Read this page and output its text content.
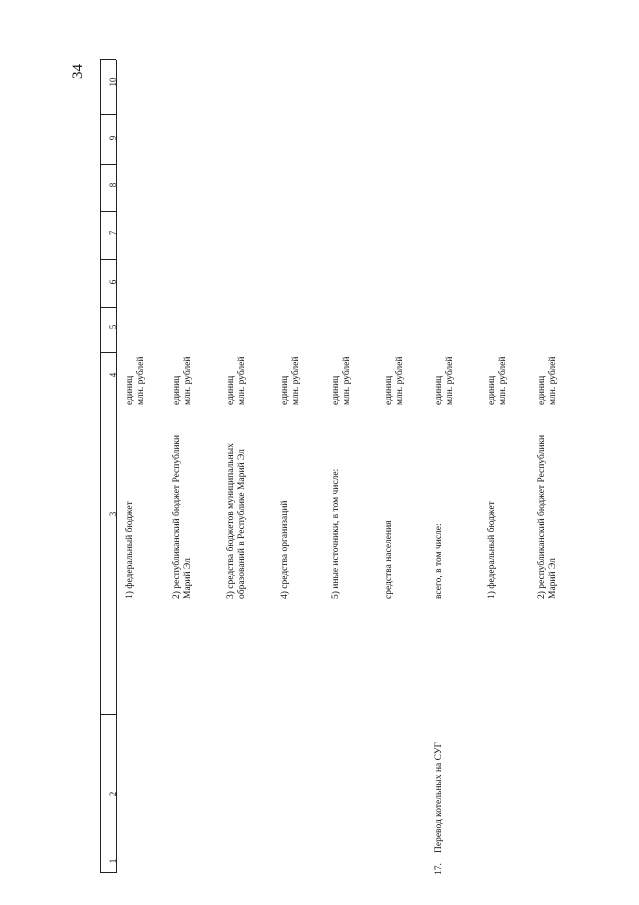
34
1
2
3
4
5
6
7
8
9
10
1) федеральный бюджет
единиц млн. рублей
2) республиканский бюджет Республики Марий Эл
единиц млн. рублей
3) средства бюджетов муниципальных образований в Республике Марий Эл
единиц млн. рублей
4) средства организаций
единиц млн. рублей
5) иные источники, в том числе:
единиц млн. рублей
средства населения
единиц млн. рублей
17.
Перевод котельных на СУГ
всего, в том числе:
единиц млн. рублей
1) федеральный бюджет
единиц млн. рублей
2) республиканский бюджет Республики Марий Эл
единиц млн. рублей
